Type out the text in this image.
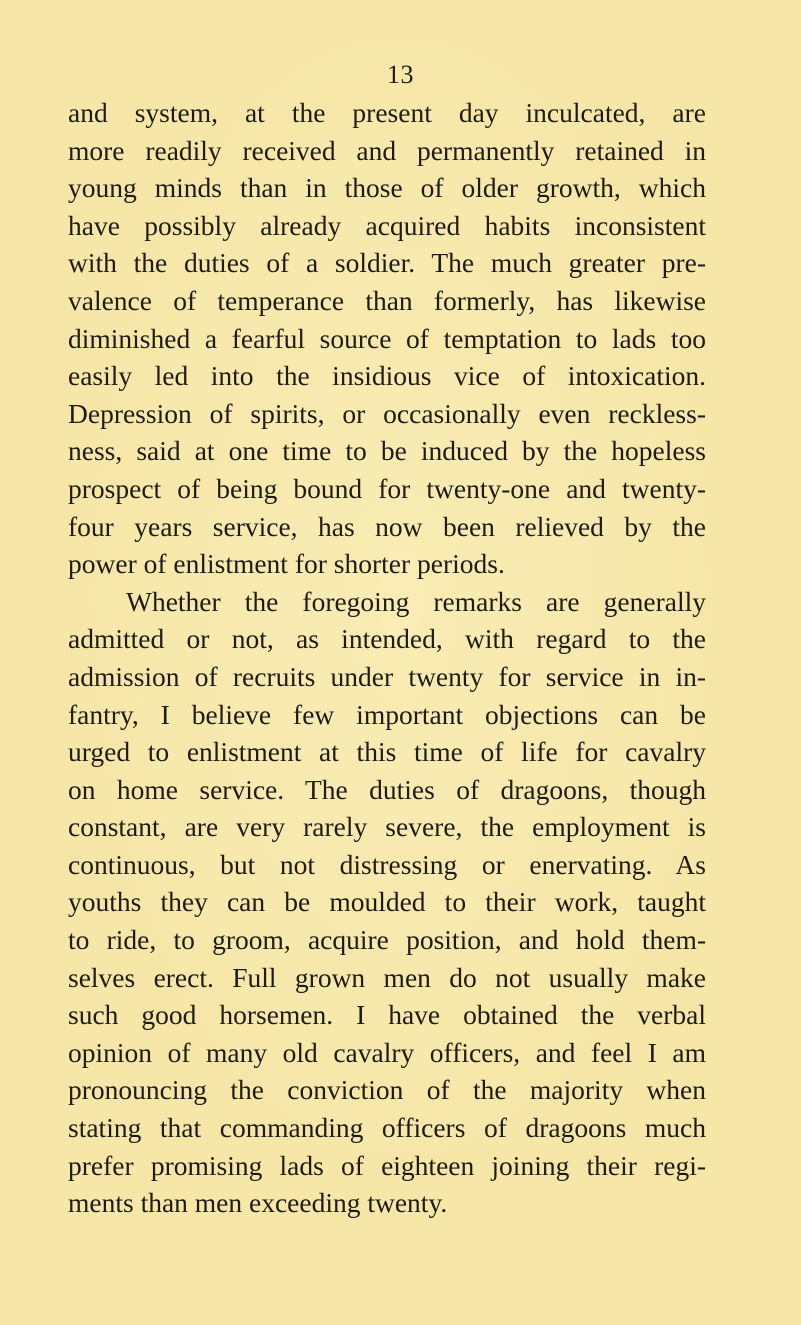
13
and system, at the present day inculcated, are
more readily received and permanently retained in
young minds than in those of older growth, which
have possibly already acquired habits inconsistent
with the duties of a soldier. The much greater pre-
valence of temperance than formerly, has likewise
diminished a fearful source of temptation to lads too
easily led into the insidious vice of intoxication.
Depression of spirits, or occasionally even reckless-
ness, said at one time to be induced by the hopeless
prospect of being bound for twenty-one and twenty-
four years service, has now been relieved by the
power of enlistment for shorter periods.
Whether the foregoing remarks are generally
admitted or not, as intended, with regard to the
admission of recruits under twenty for service in in-
fantry, I believe few important objections can be
urged to enlistment at this time of life for cavalry
on home service. The duties of dragoons, though
constant, are very rarely severe, the employment is
continuous, but not distressing or enervating. As
youths they can be moulded to their work, taught
to ride, to groom, acquire position, and hold them-
selves erect. Full grown men do not usually make
such good horsemen. I have obtained the verbal
opinion of many old cavalry officers, and feel I am
pronouncing the conviction of the majority when
stating that commanding officers of dragoons much
prefer promising lads of eighteen joining their regi-
ments than men exceeding twenty.
